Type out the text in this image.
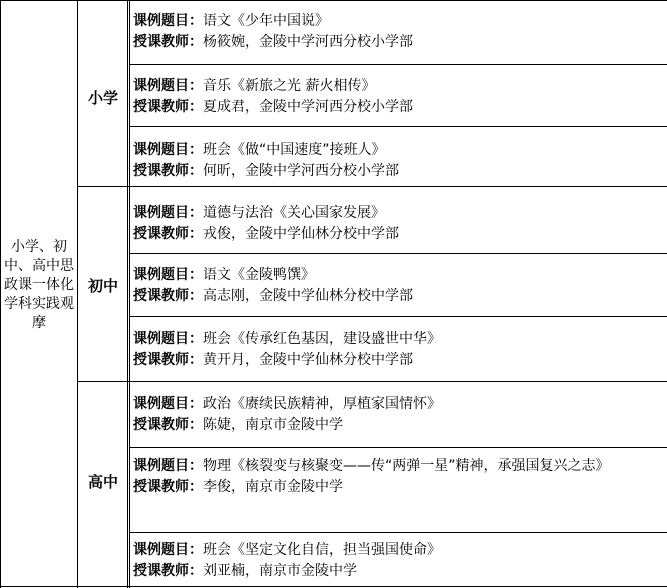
小学、初中、高中思政课一体化学科实践观摩
小学
初中
高中
课例题目：语文《少年中国说》
授课教师：杨筱婉，金陵中学河西分校小学部
课例题目：音乐《新旅之光 薪火相传》
授课教师：夏成君，金陵中学河西分校小学部
课例题目：班会《做“中国速度”接班人》
授课教师：何昕，金陵中学河西分校小学部
课例题目：道德与法治《关心国家发展》
授课教师：戎俊，金陵中学仙林分校中学部
课例题目：语文《金陵鸭馔》
授课教师：高志刚，金陵中学仙林分校中学部
课例题目：班会《传承红色基因，建设盛世中华》
授课教师：黄开月，金陵中学仙林分校中学部
课例题目：政治《赓续民族精神，厚植家国情怀》
授课教师：陈婕，南京市金陵中学
课例题目：物理《核裂变与核聚变——传“两弹一星”精神，承强国复兴之志》
授课教师：李俊，南京市金陵中学
课例题目：班会《坚定文化自信，担当强国使命》
授课教师：刘亚楠，南京市金陵中学
